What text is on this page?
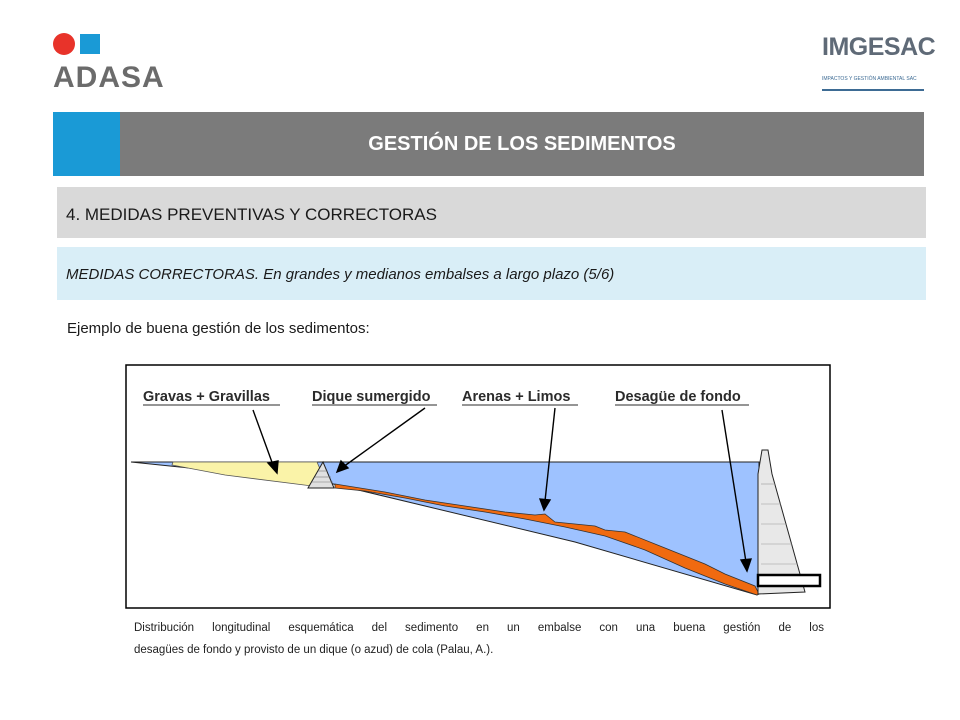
ADASA
IMGESAC
IMPACTOS Y GESTIÓN AMBIENTAL SAC
GESTIÓN DE LOS SEDIMENTOS
4. MEDIDAS PREVENTIVAS Y CORRECTORAS
MEDIDAS CORRECTORAS. En grandes y medianos embalses a largo plazo (5/6)
Ejemplo de buena gestión de los sedimentos:
Gravas + Gravillas	Dique sumergido Arenas + Limos	Desagüe de fondo
Distribución longitudinal esquemática del sedimento en un embalse con una buena gestión de los
desagües de fondo y provisto de un dique (o azud) de cola (Palau, A.).
